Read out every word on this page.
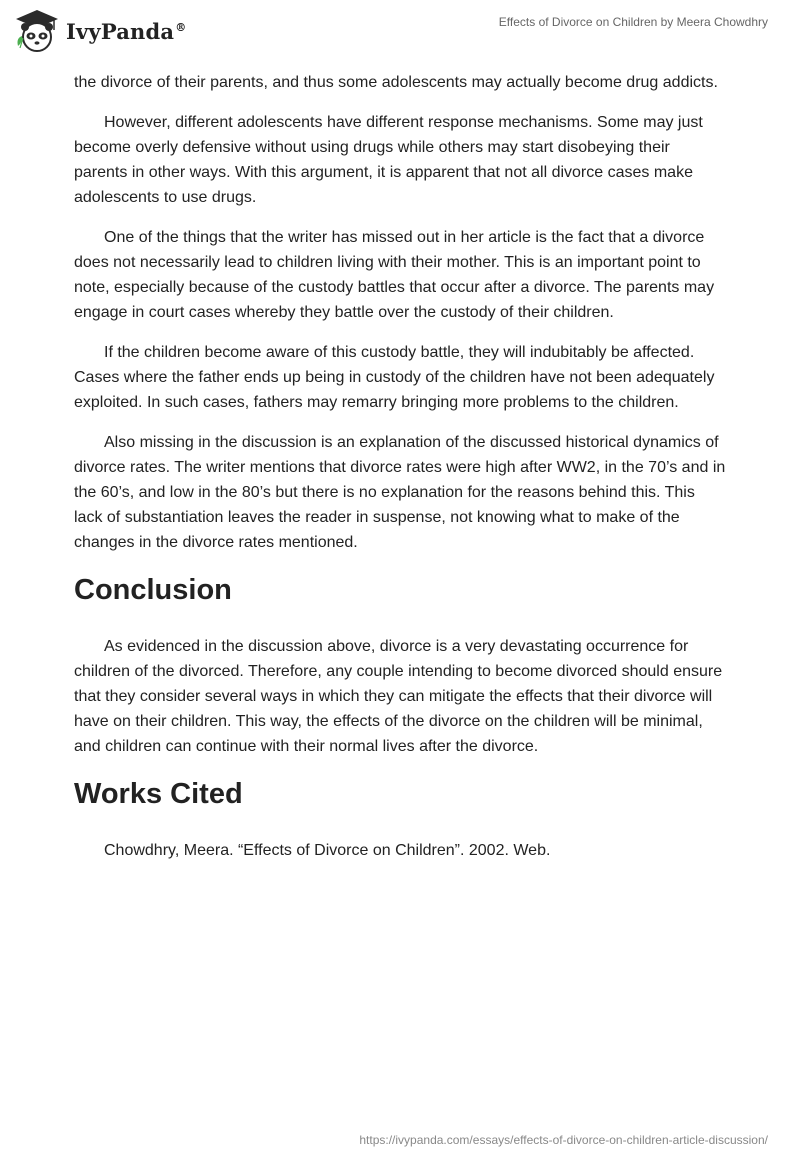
IvyPanda®	Effects of Divorce on Children by Meera Chowdhry

the divorce of their parents, and thus some adolescents may actually become drug addicts.

However, different adolescents have different response mechanisms. Some may just become overly defensive without using drugs while others may start disobeying their parents in other ways. With this argument, it is apparent that not all divorce cases make adolescents to use drugs.

One of the things that the writer has missed out in her article is the fact that a divorce does not necessarily lead to children living with their mother. This is an important point to note, especially because of the custody battles that occur after a divorce. The parents may engage in court cases whereby they battle over the custody of their children.

If the children become aware of this custody battle, they will indubitably be affected. Cases where the father ends up being in custody of the children have not been adequately exploited. In such cases, fathers may remarry bringing more problems to the children.

Also missing in the discussion is an explanation of the discussed historical dynamics of divorce rates. The writer mentions that divorce rates were high after WW2, in the 70’s and in the 60’s, and low in the 80’s but there is no explanation for the reasons behind this. This lack of substantiation leaves the reader in suspense, not knowing what to make of the changes in the divorce rates mentioned.

Conclusion

As evidenced in the discussion above, divorce is a very devastating occurrence for children of the divorced. Therefore, any couple intending to become divorced should ensure that they consider several ways in which they can mitigate the effects that their divorce will have on their children. This way, the effects of the divorce on the children will be minimal, and children can continue with their normal lives after the divorce.

Works Cited

Chowdhry, Meera. “Effects of Divorce on Children”. 2002. Web.

https://ivypanda.com/essays/effects-of-divorce-on-children-article-discussion/
